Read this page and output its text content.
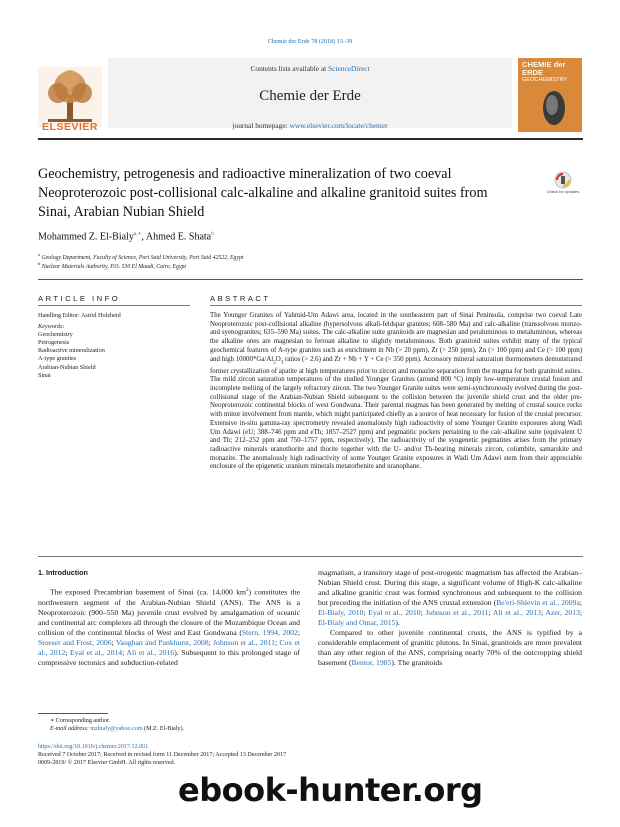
Chemie der Erde 78 (2018) 15–39
ELSEVIER
Contents lists available at ScienceDirect
Chemie der Erde
journal homepage: www.elsevier.com/locate/chemer
CHEMIE der ERDE
GEOCHEMISTRY
Geochemistry, petrogenesis and radioactive mineralization of two coeval Neoproterozoic post-collisional calc-alkaline and alkaline granitoid suites from Sinai, Arabian Nubian Shield
Check for updates
Mohammed Z. El-Bialy$^{a,∗}$, Ahmed E. Shata$^b$
$^a$ Geology Department, Faculty of Science, Port Said University, Port Said 42522, Egypt
$^b$ Nuclear Materials Authority, P.O. 530 El Maadi, Cairo, Egypt
ARTICLE INFO
Handling Editor: Astrid Holzheid
Keywords:
Geochemistry
Petrogenesis
Radioactive mineralization
A-type granites
Arabian-Nubian Shield
Sinai
ABSTRACT
The Younger Granites of Yahmid-Um Adawi area, located in the southeastern part of Sinai Peninsula, comprise two coeval Late Neoproterozoic post-collisional alkaline (hypersolvous alkali-feldspar granites; 608–580 Ma) and calc-alkaline (transsolvous monzo- and syenogranites; 635–590 Ma) suites. The calc-alkaline suite granitoids are magnesian and peraluminous to metaluminous, whereas the alkaline ones are magnesian to ferroan alkaline to slightly metaluminous. Both granitoid suites exhibit many of the typical geochemical features of A-type granites such as enrichment in Nb (> 20 ppm), Zr (> 250 ppm), Zn (> 100 ppm) and Ce (> 100 ppm) and high $10000*Ga/Al_2O_3$ ratios (> 2.6) and Zr + Nb + Y + Ce (> 350 ppm). Accessory mineral saturation thermometers demonstrated former crystallization of apatite at high temperatures prior to zircon and monazite separation from the magma for both granitoid suites. The mild zircon saturation temperatures of the studied Younger Granites (around 800 °C) imply low-temperature crustal fusion and incomplete melting of the largely refractory zircon. The two Younger Granite suites were semi-synchronously evolved during the post-collisional stage of the Arabian-Nubian Shield subsequent to the collision between the juvenile shield crust and the older pre-Neoproterozoic continental blocks of west Gondwana. Their parental magmas has been generated by melting of crustal source rocks with minor involvement from mantle, which might participated chiefly as a source of heat necessary for fusion of the crustal precursor. Extensive in-situ gamma-ray spectrometry revealed anomalously high radioactivity of some Younger Granite exposures along Wadi Um Adawi (eU; 388–746 ppm and eTh; 1857–2527 ppm) and pegmatitic pockets pertaining to the calc-alkaline suite (equivalent U and Th; 212–252 ppm and 750–1757 ppm, respectively). The radioactivity of the syngenetic pegmatites arises from the primary radioactive minerals uranothorite and thorite together with the U- and/or Th-bearing minerals zircon, columbite, samarskite and monazite. The anomalously high radioactivity of some Younger Granite exposures in Wadi Um Adawi stem from their appreciable enclosure of the epigenetic uranium minerals metatorbenite and uranophane.
1. Introduction

The exposed Precambrian basement of Sinai (ca. 14,000 $km^2$) constitutes the northwestern segment of the Arabian-Nubian Shield (ANS). The ANS is a Neoproterozoic (900–550 Ma) juvenile crust evolved by amalgamation of oceanic and continental arc complexes all through the closure of the Mozambique Ocean and collision of the continental blocks of West and East Gondwana (Stern, 1994, 2002; Stoeser and Frost, 2006; Vaughan and Pankhurst, 2008; Johnson et al., 2011; Cox et al., 2012; Eyal et al., 2014; Ali et al., 2016). Subsequent to this prolonged stage of compressive tectonics and subduction-related

magmatism, a transitory stage of post-orogenic magmatism has affected the Arabian–Nubian Shield crust. During this stage, a significant volume of High-K calc-alkaline and alkaline granitic crust was formed synchronous and subsequent to the collision but preceding the initiation of the ANS crustal extension (Be'eri-Shlevin et al., 2009a; El-Bialy, 2010; Eyal et al., 2010; Johnson et al., 2011; Ali et al., 2013; Azer, 2013; El-Bialy and Omar, 2015).

Compared to other juvenile continental crusts, the ANS is typified by a considerable emplacement of granitic plutons. In Sinai, granitoids are more prevalent than any other region of the ANS, comprising nearly 70% of the outcropping shield basement (Bentor, 1985). The granitoids

∗ Corresponding author.
E-mail address: mzbialy@yahoo.com (M.Z. El-Bialy).
https://doi.org/10.1016/j.chemer.2017.12.001
Received 7 October 2017; Received in revised form 11 December 2017; Accepted 13 December 2017
0009-2819/ © 2017 Elsevier GmbH. All rights reserved.
ebook-hunter.org
